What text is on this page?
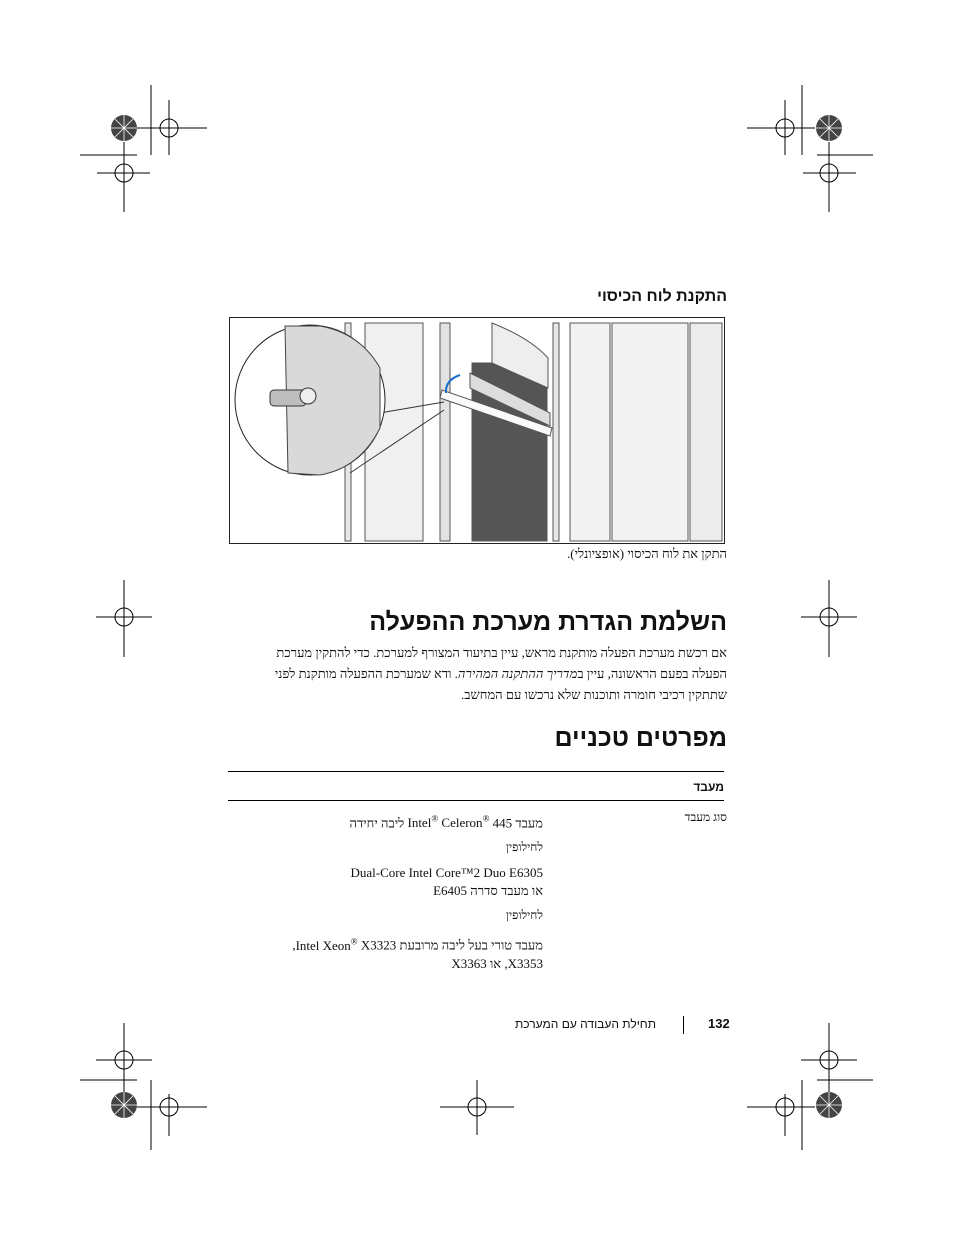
התקנת לוח הכיסוי
התקן את לוח הכיסוי (אופציונלי).
השלמת הגדרת מערכת ההפעלה
אם רכשת מערכת הפעלה מותקנת מראש, עיין בתיעוד המצורף למערכת. כדי להתקין מערכת
הפעלה בפעם הראשונה, עיין במדריך ההתקנה המהירה. ודא שמערכת ההפעלה מותקנת לפני
שתתקין רכיבי חומרה ותוכנות שלא נרכשו עם המחשב.
מפרטים טכניים
מעבד
סוג מעבד
מעבד 445 Celeron® Intel® ליבה יחידה
לחילופין
Dual-Core Intel Core™2 Duo E6305
או מעבד סדרה E6405
לחילופין
מעבד טורי בעל ליבה מרובעת X3323 Intel Xeon®,
X3353, או X3363
132
תחילת העבודה עם המערכת
